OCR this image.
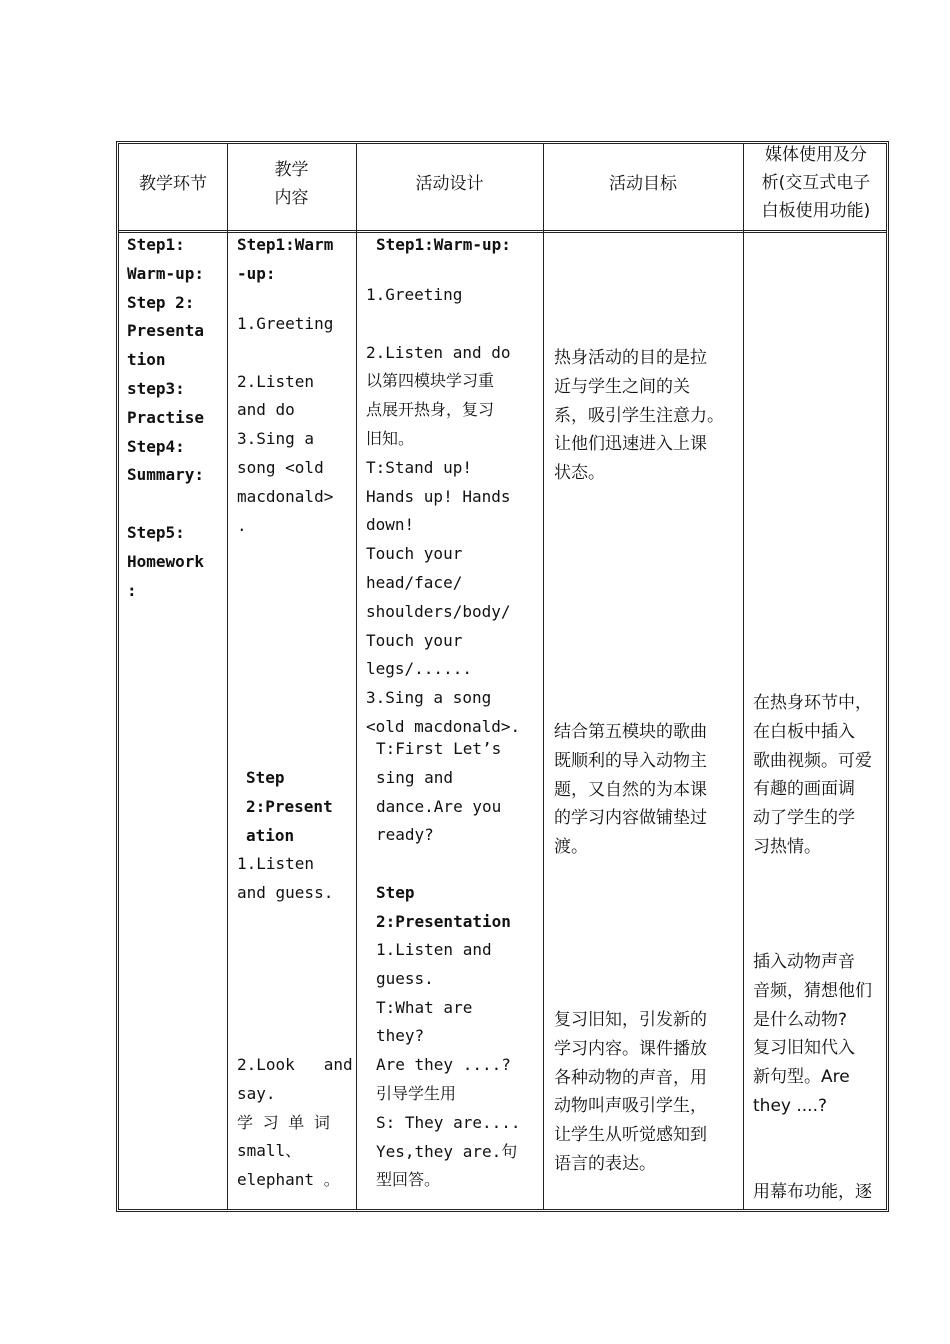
教学环节
教学
内容
活动设计	活动目标
媒体使用及分
析(交互式电子
白板使用功能)
Step1:
Warm-up:
Step 2:
Presenta
tion
step3:
Practise
Step4:
Summary:

Step5:
Homework
:
Step1:Warm
-up:
1.Greeting

2.Listen
and do
3.Sing a
song <old
macdonald>
.
Step
2:Present
ation
1.Listen
and guess.
2.Look   and
say.
学 习 单 词
small、
elephant 。
Step1:Warm-up:
1.Greeting

2.Listen and do
以第四模块学习重
点展开热身，复习
旧知。
T:Stand up!
Hands up! Hands
down!
Touch your
head/face/
shoulders/body/
Touch your
legs/......
3.Sing a song
<old macdonald>.
T:First Let’s
sing and
dance.Are you
ready?
Step
2:Presentation
1.Listen and
guess.
T:What are
they?
Are they ....?
引导学生用
S: They are....
Yes,they are.句
型回答。
热身活动的目的是拉
近与学生之间的关
系，吸引学生注意力。
让他们迅速进入上课
状态。
结合第五模块的歌曲
既顺利的导入动物主
题，又自然的为本课
的学习内容做铺垫过
渡。
复习旧知，引发新的
学习内容。课件播放
各种动物的声音，用
动物叫声吸引学生，
让学生从听觉感知到
语言的表达。
在热身环节中，
在白板中插入
歌曲视频。可爱
有趣的画面调
动了学生的学
习热情。
插入动物声音
音频，猜想他们
是什么动物?
复习旧知代入
新句型。Are
they ....?
用幕布功能，逐
